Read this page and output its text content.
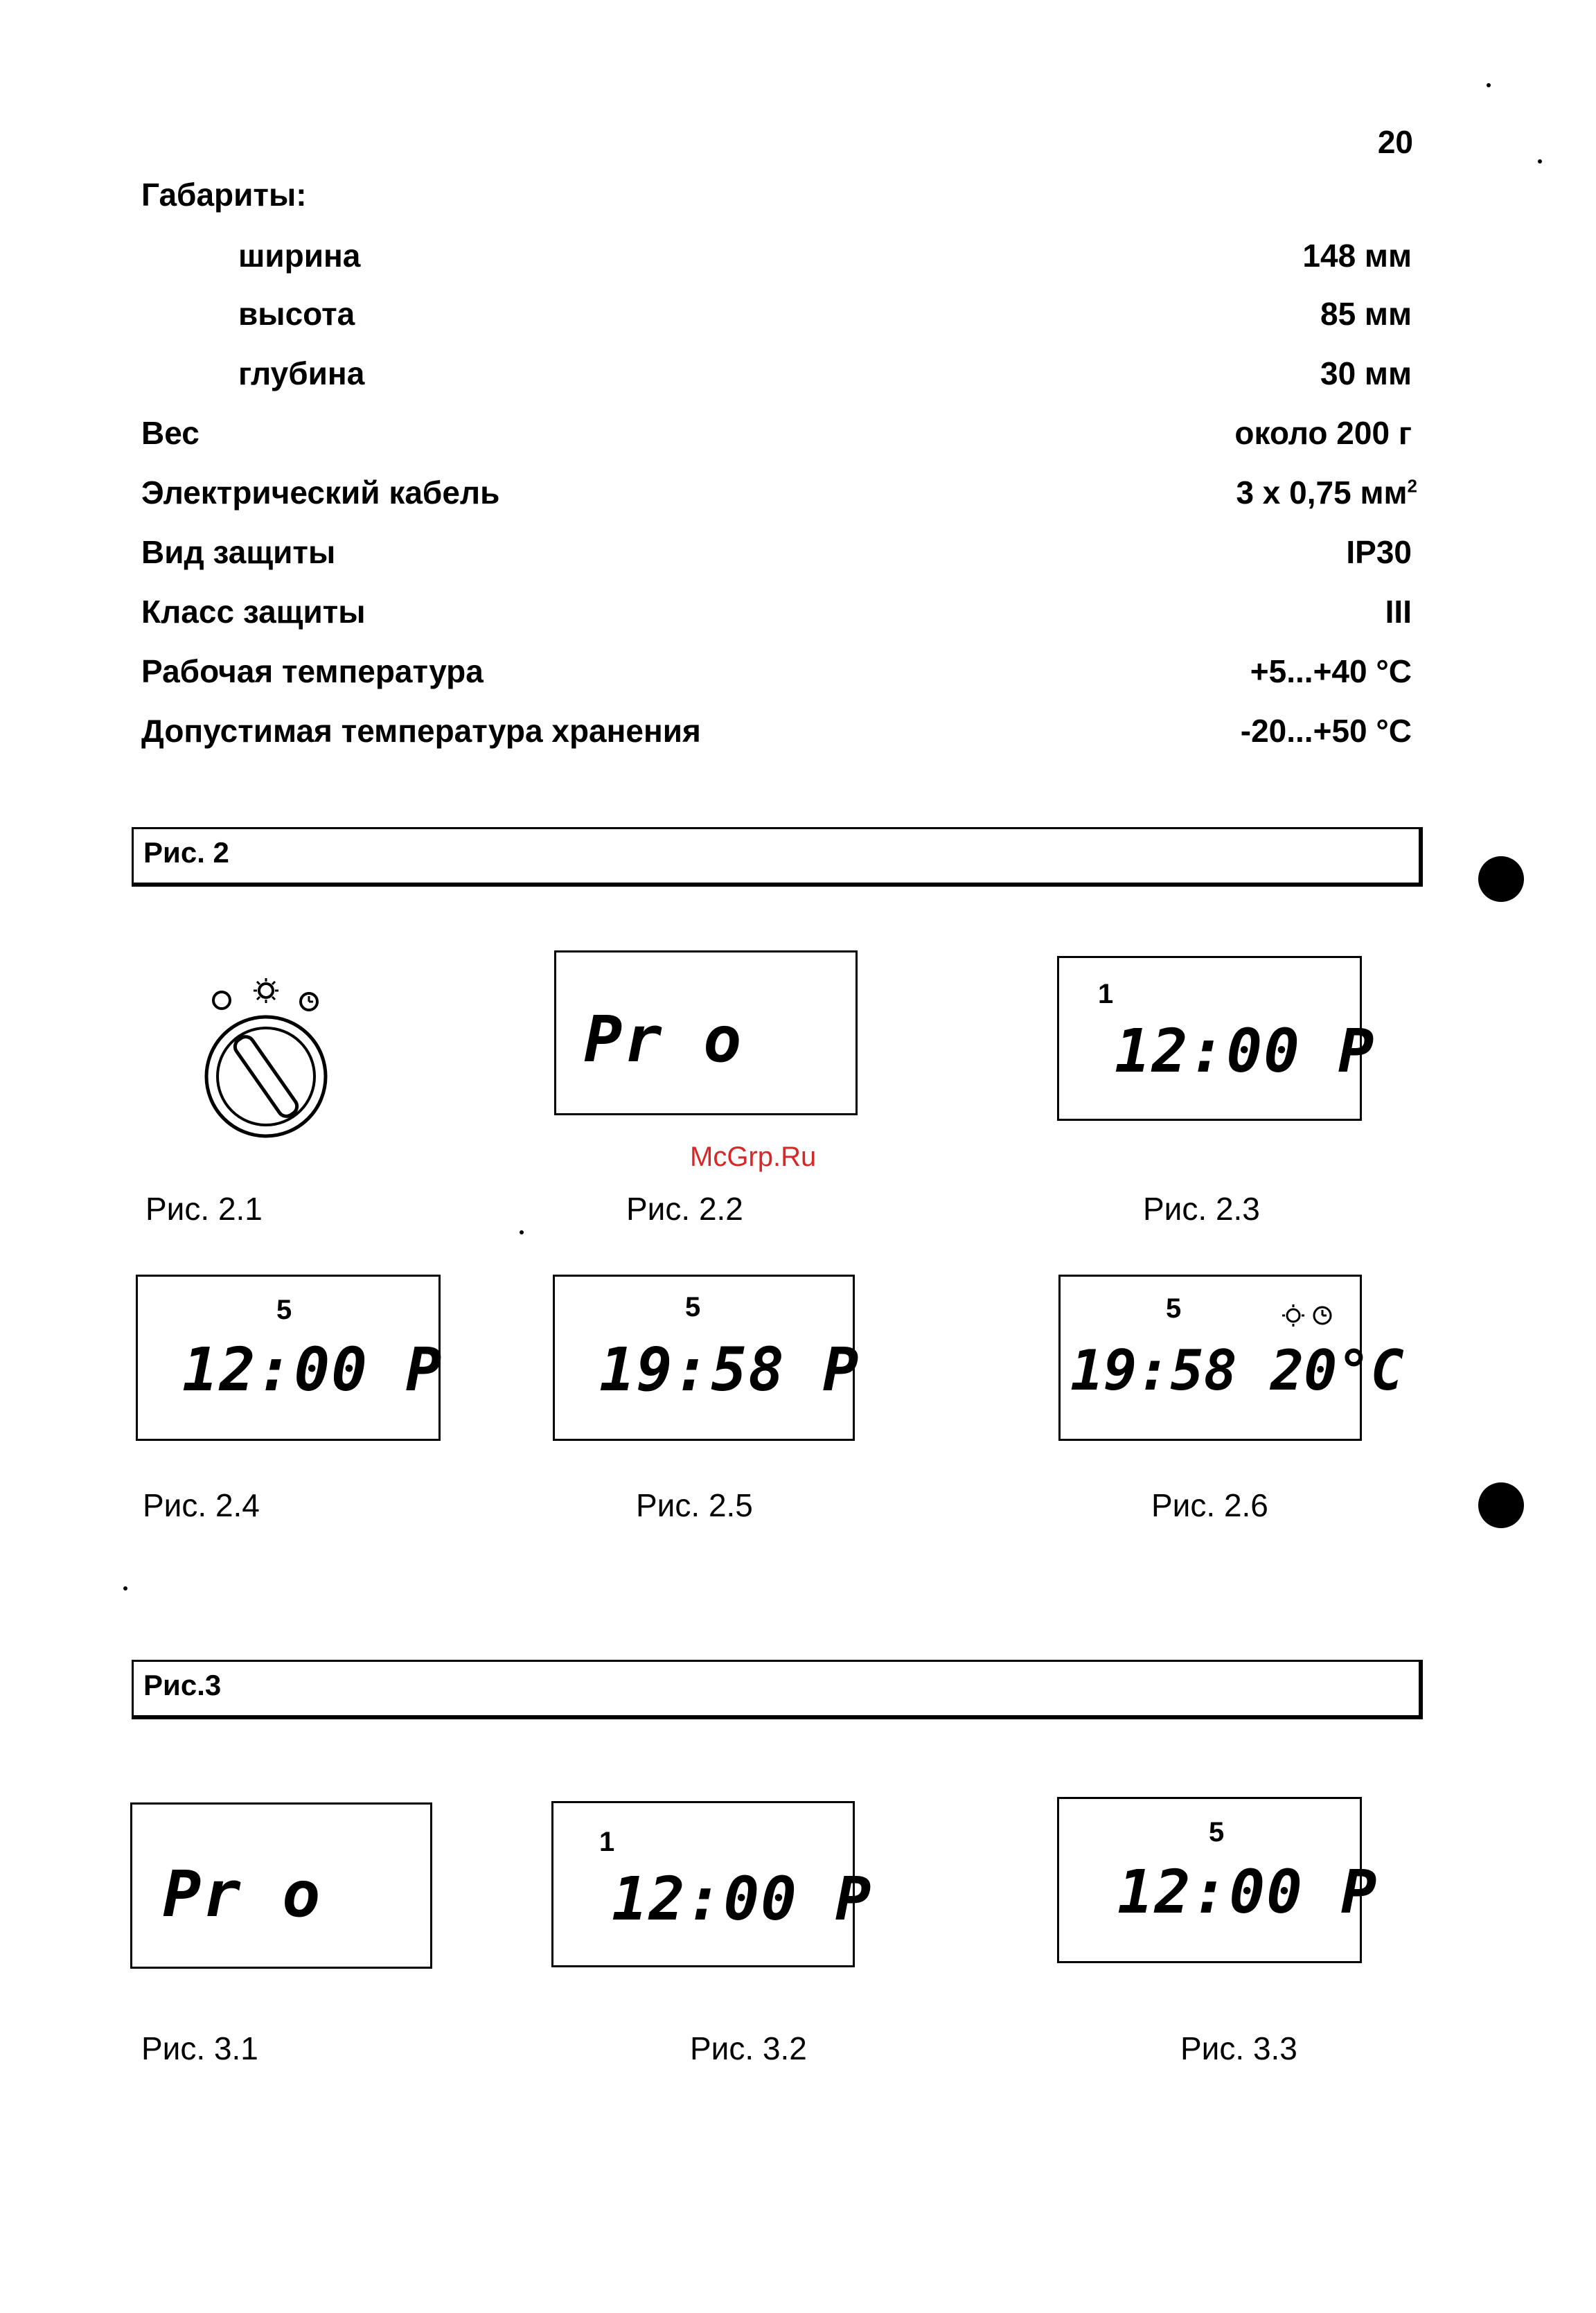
20
Габариты:
ширина	148 мм
высота	85 мм
глубина	30 мм
Вес	около 200 г
Электрический кабель	3 x 0,75 $мм^2$
Вид защиты	IP30
Класс защиты	III
Рабочая температура	+5...+40 °C
Допустимая температура хранения	-20...+50 °C
Рис. 2
Pr o
1
12:00 P
McGrp.Ru
Рис. 2.1	Рис. 2.2	Рис. 2.3
5
12:00 P
5
19:58 P
5
19:58 20°C
Рис. 2.4	Рис. 2.5	Рис. 2.6
Рис.3
Pr o
1
12:00 P
5
12:00 P
Рис. 3.1	Рис. 3.2	Рис. 3.3
